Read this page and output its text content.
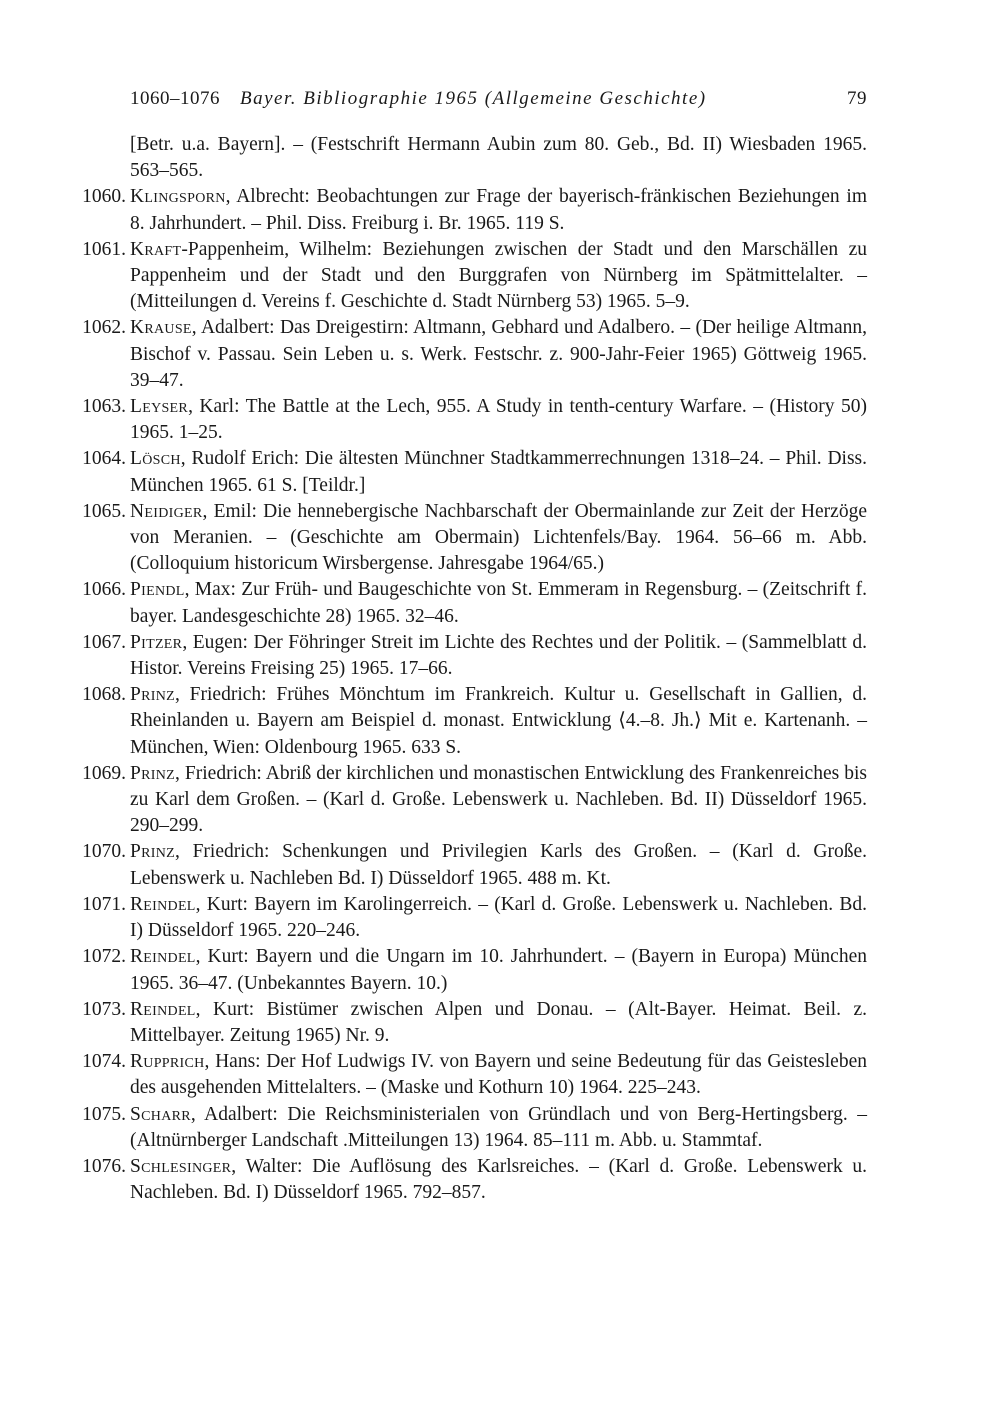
1060–1076 Bayer. Bibliographie 1965 (Allgemeine Geschichte)	79

[Betr. u.a. Bayern]. – (Festschrift Hermann Aubin zum 80. Geb., Bd. II) Wiesbaden 1965. 563–565.

1060. Klingsporn, Albrecht: Beobachtungen zur Frage der bayerisch-fränkischen Beziehungen im 8. Jahrhundert. – Phil. Diss. Freiburg i. Br. 1965. 119 S.

1061. Kraft-Pappenheim, Wilhelm: Beziehungen zwischen der Stadt und den Marschällen zu Pappenheim und der Stadt und den Burggrafen von Nürnberg im Spätmittelalter. – (Mitteilungen d. Vereins f. Geschichte d. Stadt Nürnberg 53) 1965. 5–9.

1062. Krause, Adalbert: Das Dreigestirn: Altmann, Gebhard und Adalbero. – (Der heilige Altmann, Bischof v. Passau. Sein Leben u. s. Werk. Festschr. z. 900-Jahr-Feier 1965) Göttweig 1965. 39–47.

1063. Leyser, Karl: The Battle at the Lech, 955. A Study in tenth-century Warfare. – (History 50) 1965. 1–25.

1064. Lösch, Rudolf Erich: Die ältesten Münchner Stadtkammerrechnungen 1318–24. – Phil. Diss. München 1965. 61 S. [Teildr.]

1065. Neidiger, Emil: Die hennebergische Nachbarschaft der Obermainlande zur Zeit der Herzöge von Meranien. – (Geschichte am Obermain) Lichtenfels/Bay. 1964. 56–66 m. Abb. (Colloquium historicum Wirsbergense. Jahresgabe 1964/65.)

1066. Piendl, Max: Zur Früh- und Baugeschichte von St. Emmeram in Regensburg. – (Zeitschrift f. bayer. Landesgeschichte 28) 1965. 32–46.

1067. Pitzer, Eugen: Der Föhringer Streit im Lichte des Rechtes und der Politik. – (Sammelblatt d. Histor. Vereins Freising 25) 1965. 17–66.

1068. Prinz, Friedrich: Frühes Mönchtum im Frankreich. Kultur u. Gesellschaft in Gallien, d. Rheinlanden u. Bayern am Beispiel d. monast. Entwicklung ⟨4.–8. Jh.⟩ Mit e. Kartenanh. – München, Wien: Oldenbourg 1965. 633 S.

1069. Prinz, Friedrich: Abriß der kirchlichen und monastischen Entwicklung des Frankenreiches bis zu Karl dem Großen. – (Karl d. Große. Lebenswerk u. Nachleben. Bd. II) Düsseldorf 1965. 290–299.

1070. Prinz, Friedrich: Schenkungen und Privilegien Karls des Großen. – (Karl d. Große. Lebenswerk u. Nachleben Bd. I) Düsseldorf 1965. 488 m. Kt.

1071. Reindel, Kurt: Bayern im Karolingerreich. – (Karl d. Große. Lebenswerk u. Nachleben. Bd. I) Düsseldorf 1965. 220–246.

1072. Reindel, Kurt: Bayern und die Ungarn im 10. Jahrhundert. – (Bayern in Europa) München 1965. 36–47. (Unbekanntes Bayern. 10.)

1073. Reindel, Kurt: Bistümer zwischen Alpen und Donau. – (Alt-Bayer. Heimat. Beil. z. Mittelbayer. Zeitung 1965) Nr. 9.

1074. Rupprich, Hans: Der Hof Ludwigs IV. von Bayern und seine Bedeutung für das Geistesleben des ausgehenden Mittelalters. – (Maske und Kothurn 10) 1964. 225–243.

1075. Scharr, Adalbert: Die Reichsministerialen von Gründlach und von Berg-Hertingsberg. – (Altnürnberger Landschaft .Mitteilungen 13) 1964. 85–111 m. Abb. u. Stammtaf.

1076. Schlesinger, Walter: Die Auflösung des Karlsreiches. – (Karl d. Große. Lebenswerk u. Nachleben. Bd. I) Düsseldorf 1965. 792–857.
